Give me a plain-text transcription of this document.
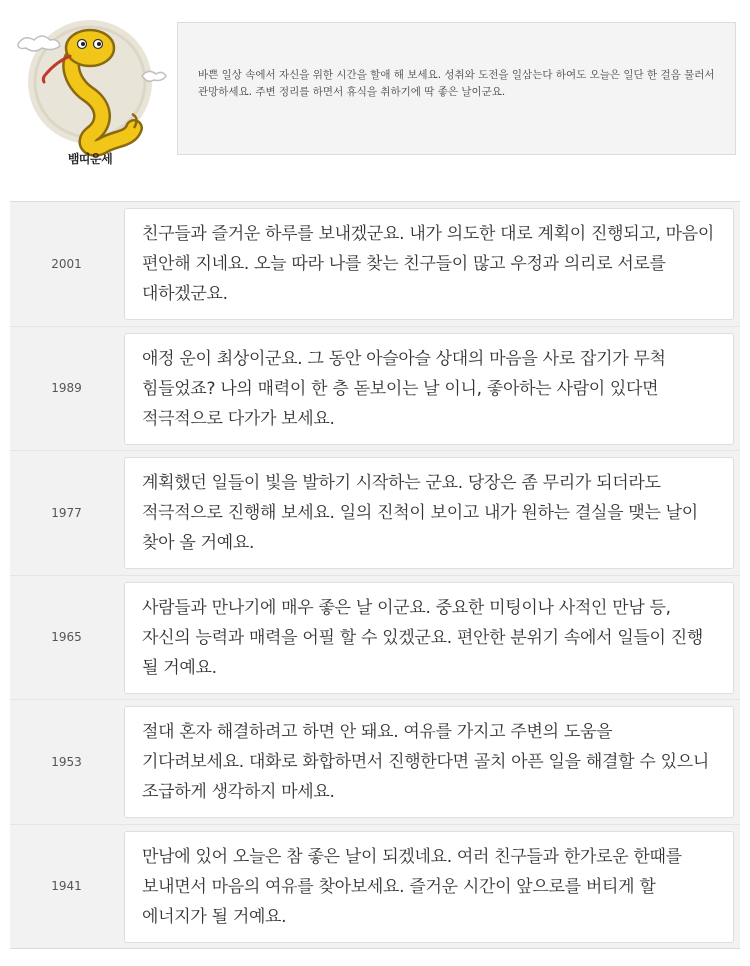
뱀띠운세
바쁜 일상 속에서 자신을 위한 시간을 할애 해 보세요. 성취와 도전을 일삼는다 하여도 오늘은 일단 한 걸음 물러서 관망하세요. 주변 정리를 하면서 휴식을 취하기에 딱 좋은 날이군요.
2001
친구들과 즐거운 하루를 보내겠군요. 내가 의도한 대로 계획이 진행되고, 마음이 편안해 지네요. 오늘 따라 나를 찾는 친구들이 많고 우정과 의리로 서로를 대하겠군요.
1989
애정 운이 최상이군요. 그 동안 아슬아슬 상대의 마음을 사로 잡기가 무척 힘들었죠? 나의 매력이 한 층 돋보이는 날 이니, 좋아하는 사람이 있다면 적극적으로 다가가 보세요.
1977
계획했던 일들이 빛을 발하기 시작하는 군요. 당장은 좀 무리가 되더라도 적극적으로 진행해 보세요. 일의 진척이 보이고 내가 원하는 결실을 맺는 날이 찾아 올 거예요.
1965
사람들과 만나기에 매우 좋은 날 이군요. 중요한 미팅이나 사적인 만남 등, 자신의 능력과 매력을 어필 할 수 있겠군요. 편안한 분위기 속에서 일들이 진행 될 거예요.
1953
절대 혼자 해결하려고 하면 안 돼요. 여유를 가지고 주변의 도움을 기다려보세요. 대화로 화합하면서 진행한다면 골치 아픈 일을 해결할 수 있으니 조급하게 생각하지 마세요.
1941
만남에 있어 오늘은 참 좋은 날이 되겠네요. 여러 친구들과 한가로운 한때를 보내면서 마음의 여유를 찾아보세요. 즐거운 시간이 앞으로를 버티게 할 에너지가 될 거예요.
